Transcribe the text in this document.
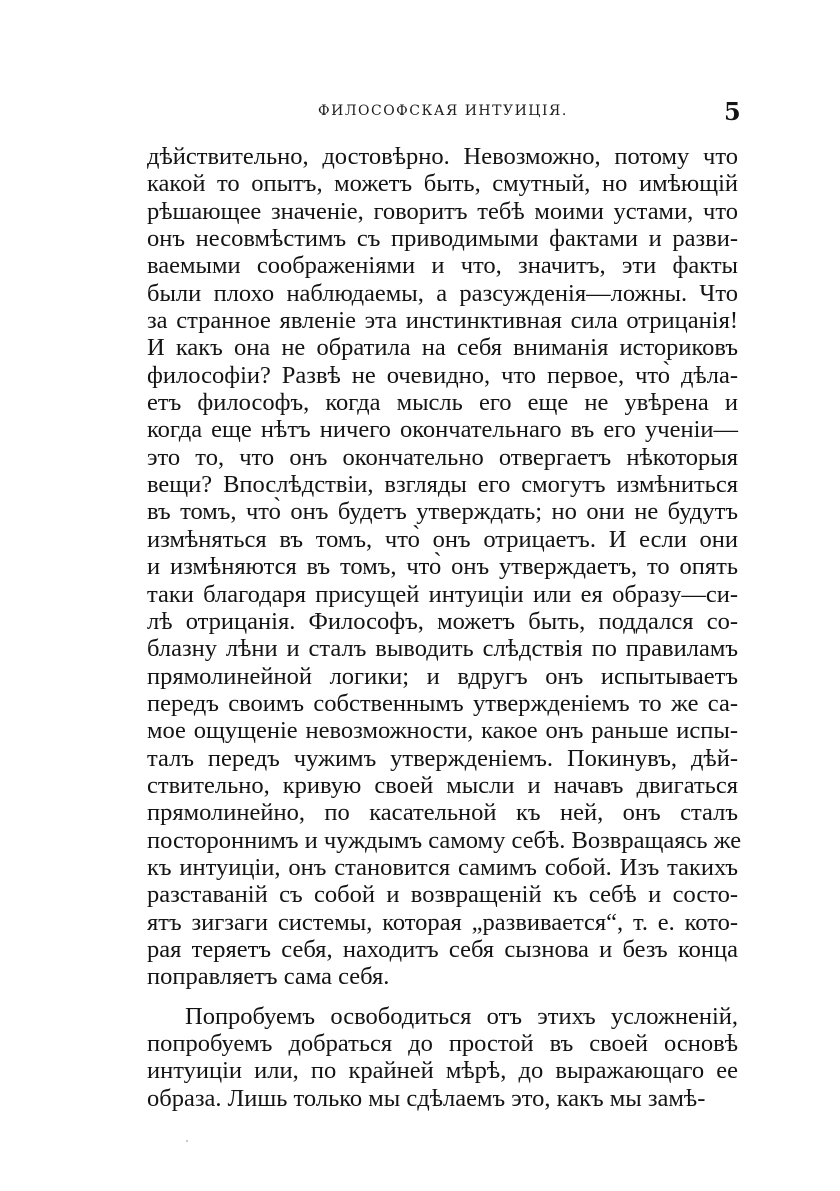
ФИЛОСОФСКАЯ ИНТУИЦІЯ.	5
дѣйствительно, достовѣрно. Невозможно, потому что
какой то опытъ, можетъ быть, смутный, но имѣющій
рѣшающее значеніе, говоритъ тебѣ моими устами, что
онъ несовмѣстимъ съ приводимыми фактами и разви-
ваемыми соображеніями и что, значитъ, эти факты
были плохо наблюдаемы, а разсужденія—ложны. Что
за странное явленіе эта инстинктивная сила отрицанія!
И какъ она не обратила на себя вниманія историковъ
философіи? Развѣ не очевидно, что первое, что̀ дѣла-
етъ философъ, когда мысль его еще не увѣрена и
когда еще нѣтъ ничего окончательнаго въ его ученіи—
это то, что онъ окончательно отвергаетъ нѣкоторыя
вещи? Впослѣдствіи, взгляды его смогутъ измѣниться
въ томъ, что̀ онъ будетъ утверждать; но они не будутъ
измѣняться въ томъ, что̀ онъ отрицаетъ. И если они
и измѣняются въ томъ, что̀ онъ утверждаетъ, то опять
таки благодаря присущей интуиціи или ея образу—си-
лѣ отрицанія. Философъ, можетъ быть, поддался со-
блазну лѣни и сталъ выводить слѣдствія по правиламъ
прямолинейной логики; и вдругъ онъ испытываетъ
передъ своимъ собственнымъ утвержденіемъ то же са-
мое ощущеніе невозможности, какое онъ раньше испы-
талъ передъ чужимъ утвержденіемъ. Покинувъ, дѣй-
ствительно, кривую своей мысли и начавъ двигаться
прямолинейно, по касательной къ ней, онъ сталъ
постороннимъ и чуждымъ самому себѣ. Возвращаясь же
къ интуиціи, онъ становится самимъ собой. Изъ такихъ
разставаній съ собой и возвращеній къ себѣ и состо-
ятъ зигзаги системы, которая „развивается“, т. е. кото-
рая теряетъ себя, находитъ себя сызнова и безъ конца
поправляетъ сама себя.
Попробуемъ освободиться отъ этихъ усложненій,
попробуемъ добраться до простой въ своей основѣ
интуиціи или, по крайней мѣрѣ, до выражающаго ее
образа. Лишь только мы сдѣлаемъ это, какъ мы замѣ-
